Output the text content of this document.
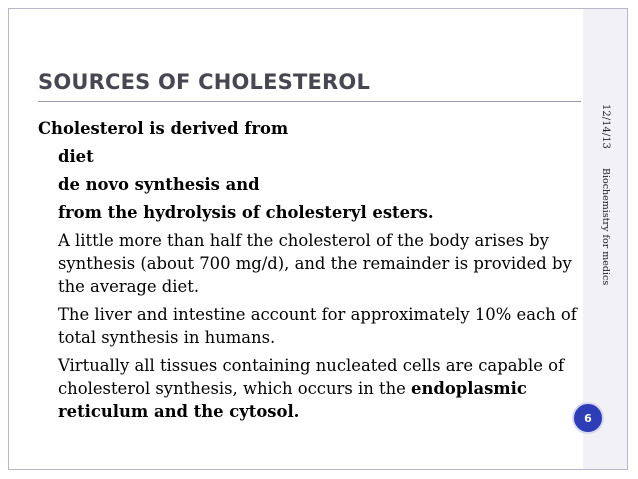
SOURCES OF CHOLESTEROL

Cholesterol is derived from

diet
de novo synthesis and
from the hydrolysis of cholesteryl esters.
A little more than half the cholesterol of the body arises by synthesis (about 700 mg/d), and the remainder is provided by the average diet.
The liver and intestine account for approximately 10% each of total synthesis in humans.
Virtually all tissues containing nucleated cells are capable of cholesterol synthesis, which occurs in the endoplasmic reticulum and the cytosol.
12/14/13
Biochemistry for medics
6
